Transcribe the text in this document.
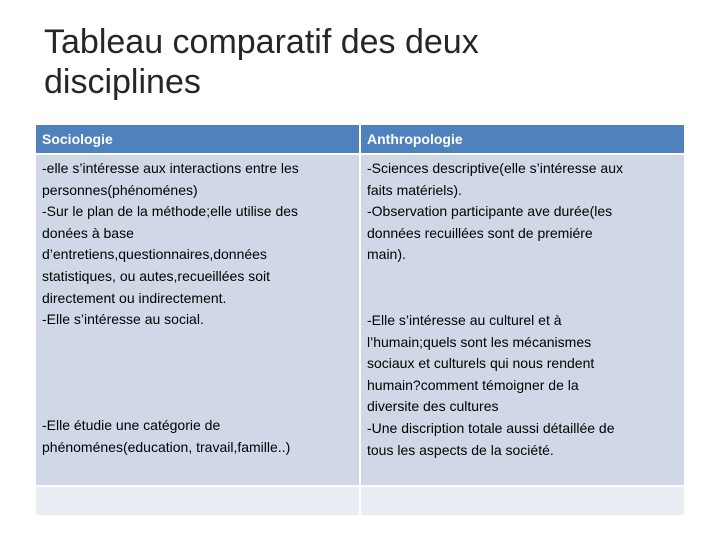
Tableau comparatif des deux
disciplines
Sociologie
-elle s’intéresse aux interactions entre les
personnes(phénoménes)
-Sur le plan de la méthode;elle utilise des
donées à base
d’entretiens,questionnaires,données
statistiques, ou autes,recueillées soit
directement ou indirectement.
-Elle s’intéresse au social.
-Elle étudie une catégorie de
phénoménes(education, travail,famille..)
Anthropologie
-Sciences descriptive(elle s’intéresse aux
faits matériels).
-Observation participante ave durée(les
données recuillées sont de premiére
main).
-Elle s’intéresse au culturel et à
l’humain;quels sont les mécanismes
sociaux et culturels qui nous rendent
humain?comment témoigner de la
diversite des cultures
-Une discription totale aussi détaillée de
tous les aspects de la société.
